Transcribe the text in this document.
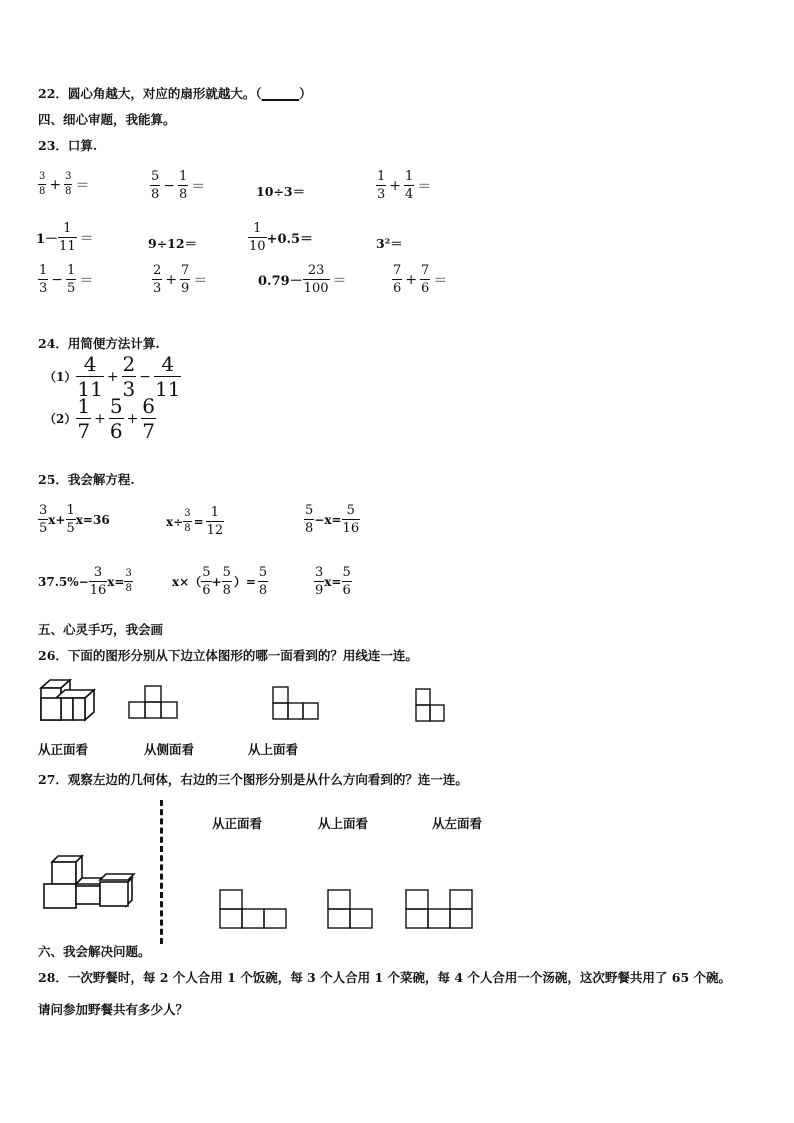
22．圆心角越大，对应的扇形就越大。（______）
四、细心审题，我能算。
23．口算.
$\frac{3}{8} + \frac{3}{8}$ ＝	$\frac{5}{8} - \frac{1}{8}$ ＝	10÷3＝	$\frac{1}{3} + \frac{1}{4}$ ＝
$1- \frac{1}{11}$ ＝	9÷12＝	$\frac{1}{10} +0.5=$	3²＝
$\frac{1}{3} - \frac{1}{5}$ ＝	$\frac{2}{3} + \frac{7}{9}$ ＝	$0.79- \frac{23}{100}$ ＝	$\frac{7}{6} + \frac{7}{6}$ ＝
24．用简便方法计算.
$(1) \frac{4}{11} + \frac{2}{3} - \frac{4}{11}$
$(2) \frac{1}{7} + \frac{5}{6} + \frac{6}{7}$
25．我会解方程.
$\frac{3}{5} x+ \frac{1}{5} x=36$	$x\div \frac{3}{8} = \frac{1}{12}$	$\frac{5}{8} -x= \frac{5}{16}$
$37.5\%- \frac{3}{16} x= \frac{3}{8}$	$x\times( \frac{5}{6} + \frac{5}{8}$ ）= $\frac{5}{8}$	$\frac{3}{9} x= \frac{5}{6}$
五、心灵手巧，我会画
26．下面的图形分别从下边立体图形的哪一面看到的？用线连一连。
从正面看	从侧面看	从上面看
27．观察左边的几何体，右边的三个图形分别是从什么方向看到的？连一连。
从正面看	从上面看	从左面看
六、我会解决问题。
28．一次野餐时，每 2 个人合用 1 个饭碗，每 3 个人合用 1 个菜碗，每 4 个人合用一个汤碗，这次野餐共用了 65 个碗。
请问参加野餐共有多少人？
